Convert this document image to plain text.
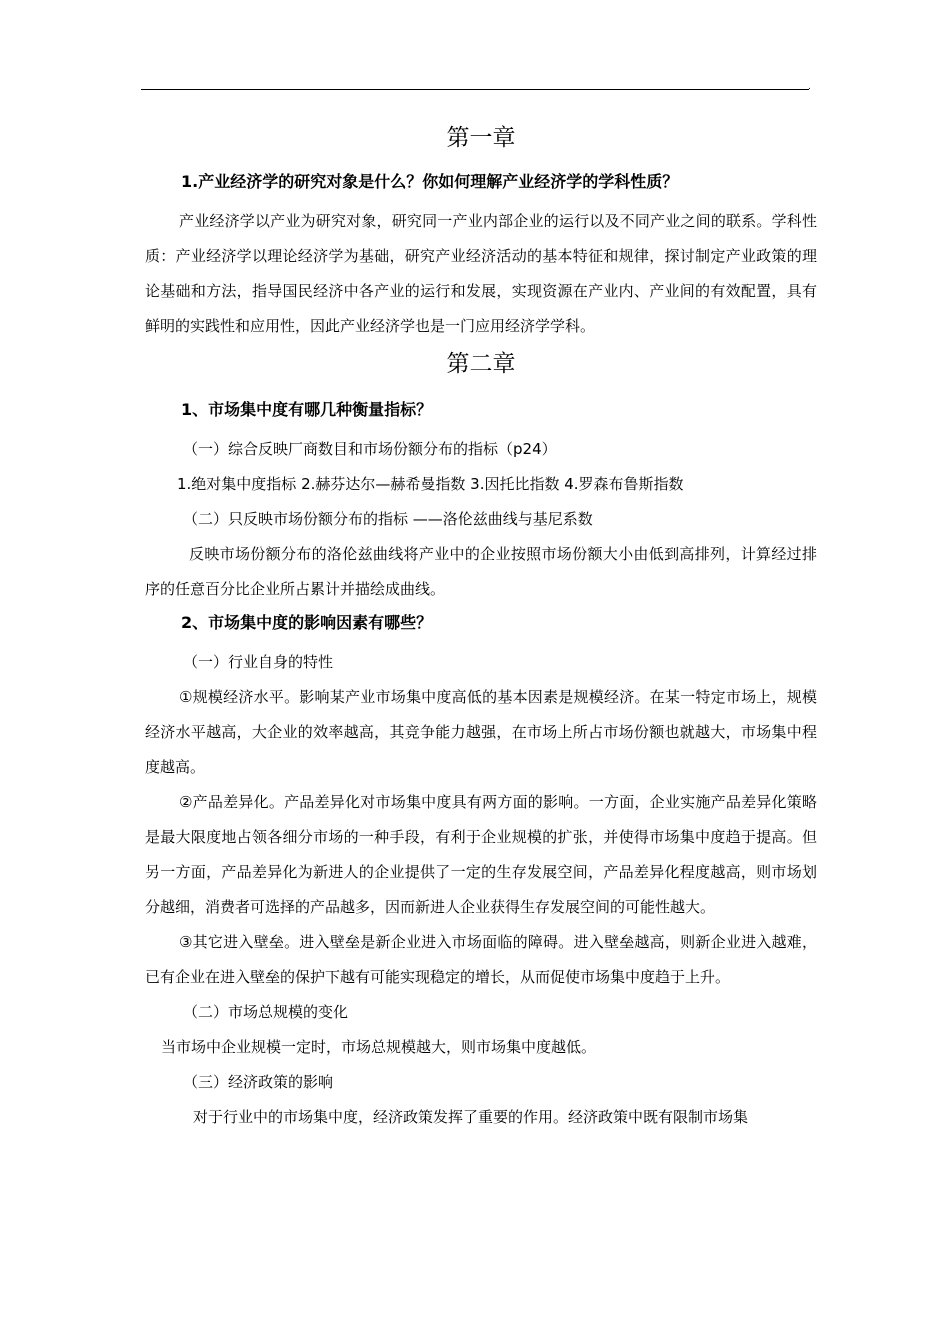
.
第一章
1.产业经济学的研究对象是什么？你如何理解产业经济学的学科性质？

产业经济学以产业为研究对象，研究同一产业内部企业的运行以及不同产业之间的联系。学科性质：产业经济学以理论经济学为基础，研究产业经济活动的基本特征和规律，探讨制定产业政策的理论基础和方法，指导国民经济中各产业的运行和发展，实现资源在产业内、产业间的有效配置，具有鲜明的实践性和应用性，因此产业经济学也是一门应用经济学学科。

第二章
1、市场集中度有哪几种衡量指标？

（一）综合反映厂商数目和市场份额分布的指标（p24）

1.绝对集中度指标 2.赫芬达尔—赫希曼指数 3.因托比指数 4.罗森布鲁斯指数

（二）只反映市场份额分布的指标 ——洛伦兹曲线与基尼系数

反映市场份额分布的洛伦兹曲线将产业中的企业按照市场份额大小由低到高排列，计算经过排序的任意百分比企业所占累计并描绘成曲线。

2、市场集中度的影响因素有哪些？

（一）行业自身的特性

①规模经济水平。影响某产业市场集中度高低的基本因素是规模经济。在某一特定市场上，规模经济水平越高，大企业的效率越高，其竞争能力越强，在市场上所占市场份额也就越大，市场集中程度越高。

②产品差异化。产品差异化对市场集中度具有两方面的影响。一方面，企业实施产品差异化策略是最大限度地占领各细分市场的一种手段，有利于企业规模的扩张，并使得市场集中度趋于提高。但另一方面，产品差异化为新进人的企业提供了一定的生存发展空间，产品差异化程度越高，则市场划分越细，消费者可选择的产品越多，因而新进人企业获得生存发展空间的可能性越大。

③其它进入壁垒。进入壁垒是新企业进入市场面临的障碍。进入壁垒越高，则新企业进入越难，已有企业在进入壁垒的保护下越有可能实现稳定的增长，从而促使市场集中度趋于上升。

（二）市场总规模的变化

当市场中企业规模一定时，市场总规模越大，则市场集中度越低。

（三）经济政策的影响

对于行业中的市场集中度，经济政策发挥了重要的作用。经济政策中既有限制市场集
